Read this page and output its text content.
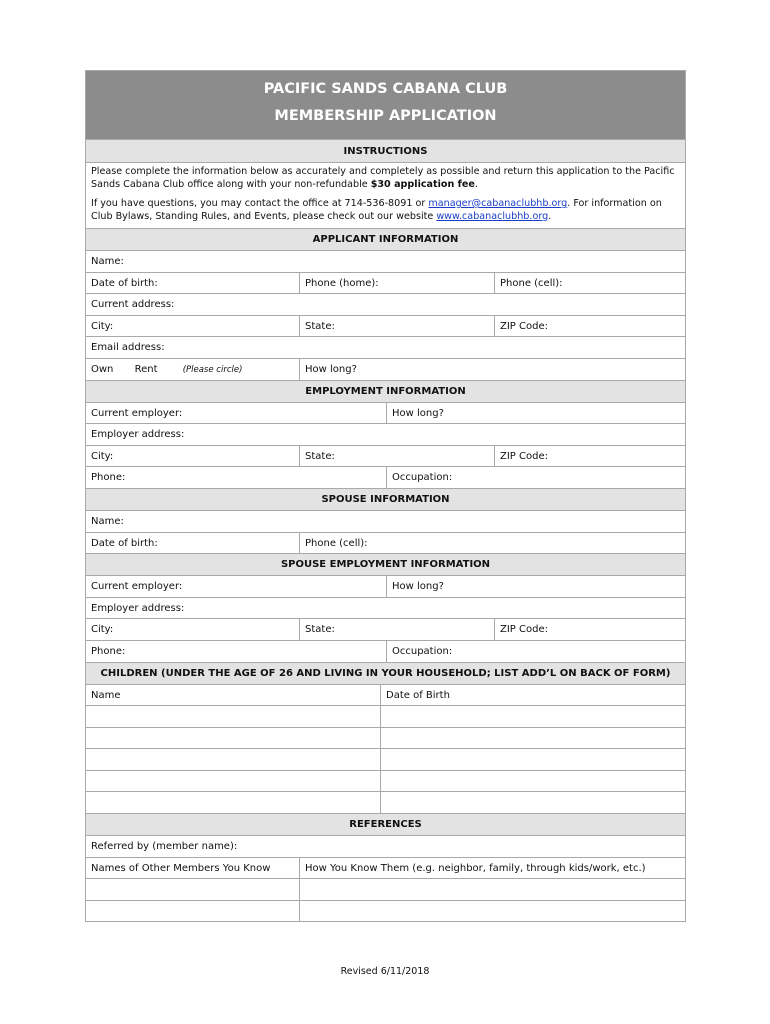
PACIFIC SANDS CABANA CLUB
MEMBERSHIP APPLICATION
INSTRUCTIONS

Please complete the information below as accurately and completely as possible and return this application to the Pacific Sands Cabana Club office along with your non-refundable $30 application fee.

If you have questions, you may contact the office at 714-536-8091 or manager@cabanaclubhb.org. For information on Club Bylaws, Standing Rules, and Events, please check out our website www.cabanaclubhb.org.

APPLICANT INFORMATION
Name:
Date of birth:	Phone (home):	Phone (cell):
Current address:
City:	State:	ZIP Code:
Email address:
Own Rent	(Please circle)	How long?
EMPLOYMENT INFORMATION
Current employer:	How long?
Employer address:
City:	State:	ZIP Code:
Phone:	Occupation:
SPOUSE INFORMATION
Name:
Date of birth:	Phone (cell):
SPOUSE EMPLOYMENT INFORMATION
Current employer:	How long?
Employer address:
City:	State:	ZIP Code:
Phone:	Occupation:
CHILDREN (UNDER THE AGE OF 26 AND LIVING IN YOUR HOUSEHOLD; LIST ADD’L ON BACK OF FORM)
Name	Date of Birth
REFERENCES
Referred by (member name):
Names of Other Members You Know	How You Know Them (e.g. neighbor, family, through kids/work, etc.)
Revised 6/11/2018
